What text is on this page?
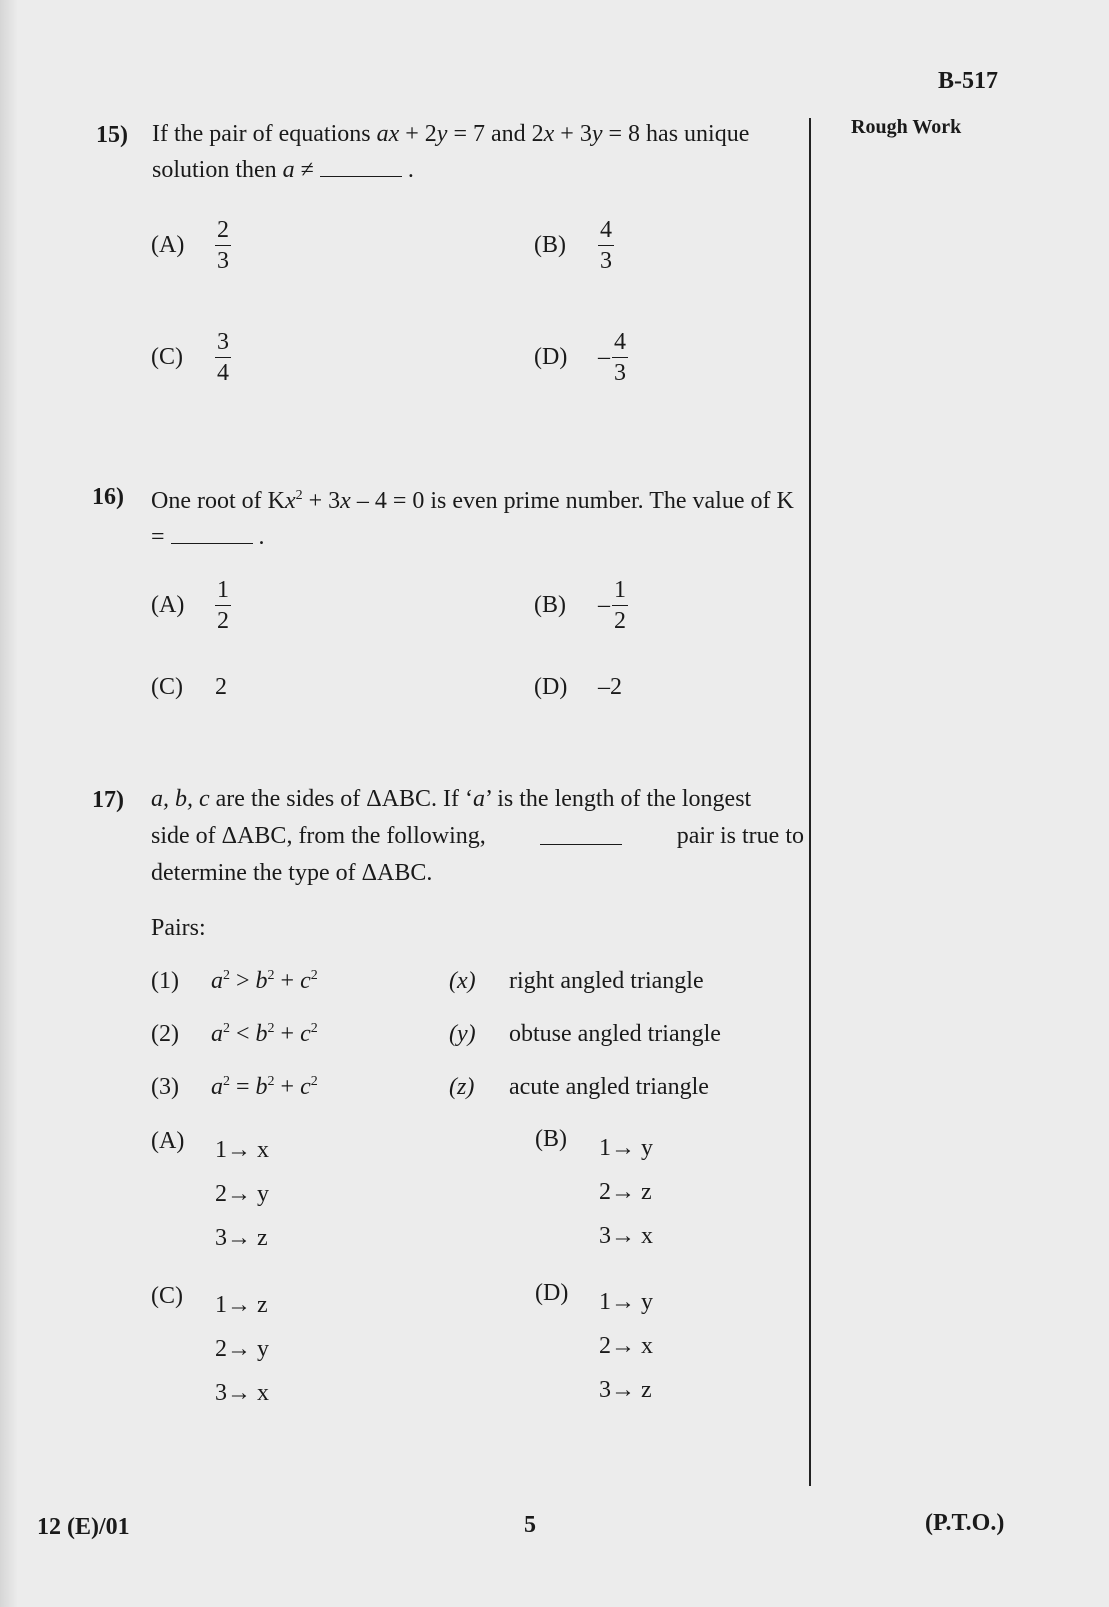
B-517
Rough Work
15) If the pair of equations ax + 2y = 7 and 2x + 3y = 8 has unique solution then a ≠	.
(A)	$\frac{2}{3}$	(B)	$\frac{4}{3}$
(C)	$\frac{3}{4}$	(D)	– $\frac{4}{3}$
16) One root of $Kx^2 + 3x - 4 = 0$ is even prime number. The value of K =	.
(A)	$\frac{1}{2}$	(B)	– $\frac{1}{2}$
(C)	2	(D)	–2
17) a, b, c are the sides of ΔABC. If ‘a’ is the length of the longest
side of ΔABC, from the following,	pair is true to
determine the type of ΔABC.
Pairs:
(1) $a^2 > b^2 + c^2$	(x) right angled triangle
(2) $a^2 < b^2 + c^2$	(y) obtuse angled triangle
(3) $a^2 = b^2 + c^2$	(z) acute angled triangle
(A)	1→ x
2→ y
3→ z
(B)	1→ y
2→ z
3→ x
(C)	1→ z
2→ y
3→ x
(D)	1→ y
2→ x
3→ z
12 (E)/01	5	(P.T.O.)
